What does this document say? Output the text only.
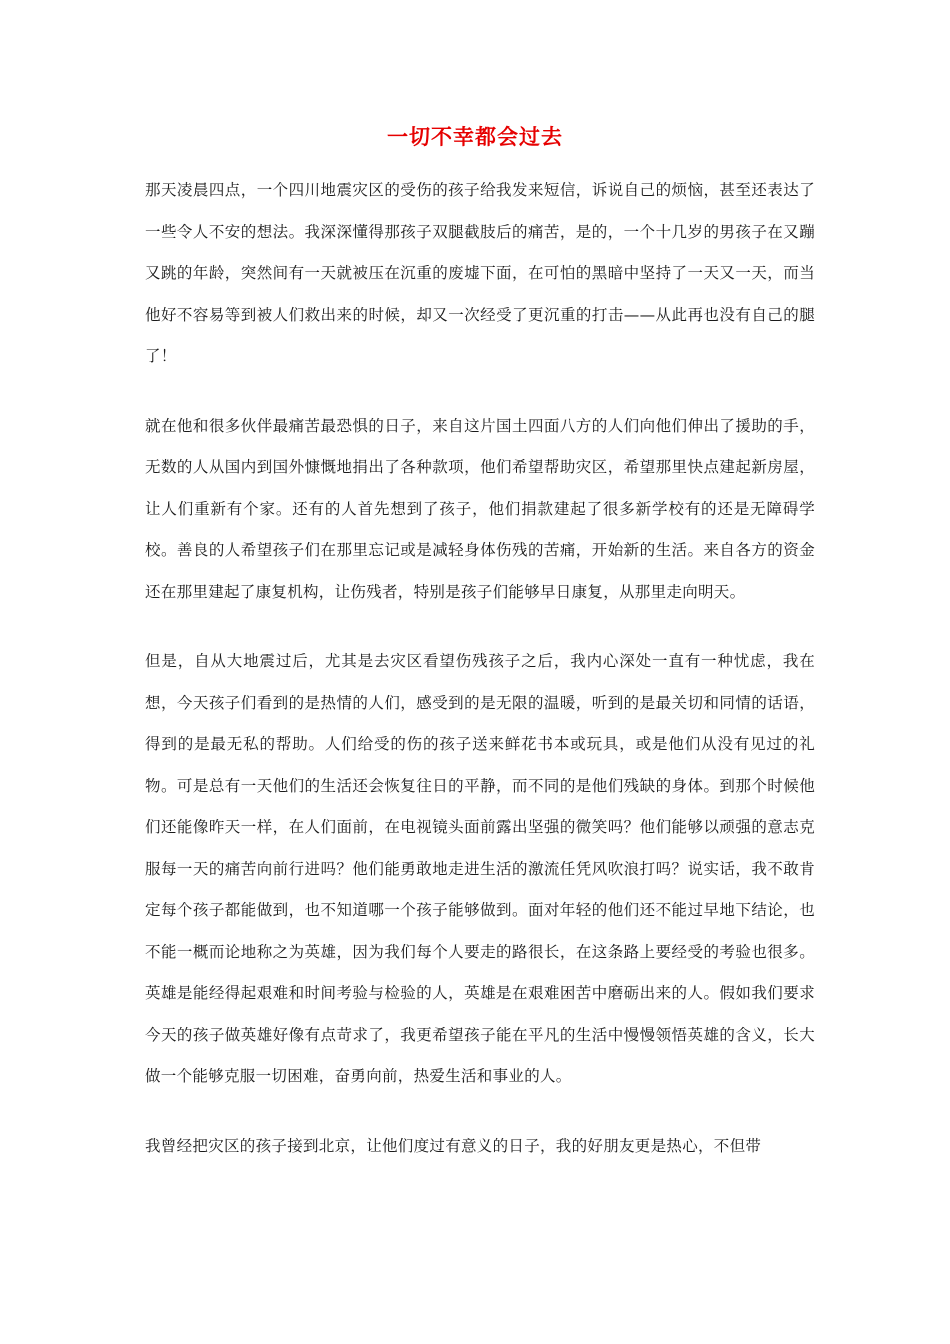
一切不幸都会过去

那天凌晨四点，一个四川地震灾区的受伤的孩子给我发来短信，诉说自己的烦恼，甚至还表达了一些令人不安的想法。我深深懂得那孩子双腿截肢后的痛苦，是的，一个十几岁的男孩子在又蹦又跳的年龄，突然间有一天就被压在沉重的废墟下面，在可怕的黑暗中坚持了一天又一天，而当他好不容易等到被人们救出来的时候，却又一次经受了更沉重的打击——从此再也没有自己的腿了！

就在他和很多伙伴最痛苦最恐惧的日子，来自这片国土四面八方的人们向他们伸出了援助的手，无数的人从国内到国外慷慨地捐出了各种款项，他们希望帮助灾区，希望那里快点建起新房屋，让人们重新有个家。还有的人首先想到了孩子，他们捐款建起了很多新学校有的还是无障碍学校。善良的人希望孩子们在那里忘记或是减轻身体伤残的苦痛，开始新的生活。来自各方的资金还在那里建起了康复机构，让伤残者，特别是孩子们能够早日康复，从那里走向明天。

但是，自从大地震过后，尤其是去灾区看望伤残孩子之后，我内心深处一直有一种忧虑，我在想，今天孩子们看到的是热情的人们，感受到的是无限的温暖，听到的是最关切和同情的话语，得到的是最无私的帮助。人们给受的伤的孩子送来鲜花书本或玩具，或是他们从没有见过的礼物。可是总有一天他们的生活还会恢复往日的平静，而不同的是他们残缺的身体。到那个时候他们还能像昨天一样，在人们面前，在电视镜头面前露出坚强的微笑吗？他们能够以顽强的意志克服每一天的痛苦向前行进吗？他们能勇敢地走进生活的激流任凭风吹浪打吗？说实话，我不敢肯定每个孩子都能做到，也不知道哪一个孩子能够做到。面对年轻的他们还不能过早地下结论，也不能一概而论地称之为英雄，因为我们每个人要走的路很长，在这条路上要经受的考验也很多。英雄是能经得起艰难和时间考验与检验的人，英雄是在艰难困苦中磨砺出来的人。假如我们要求今天的孩子做英雄好像有点苛求了，我更希望孩子能在平凡的生活中慢慢领悟英雄的含义，长大做一个能够克服一切困难，奋勇向前，热爱生活和事业的人。

我曾经把灾区的孩子接到北京，让他们度过有意义的日子，我的好朋友更是热心，不但带
